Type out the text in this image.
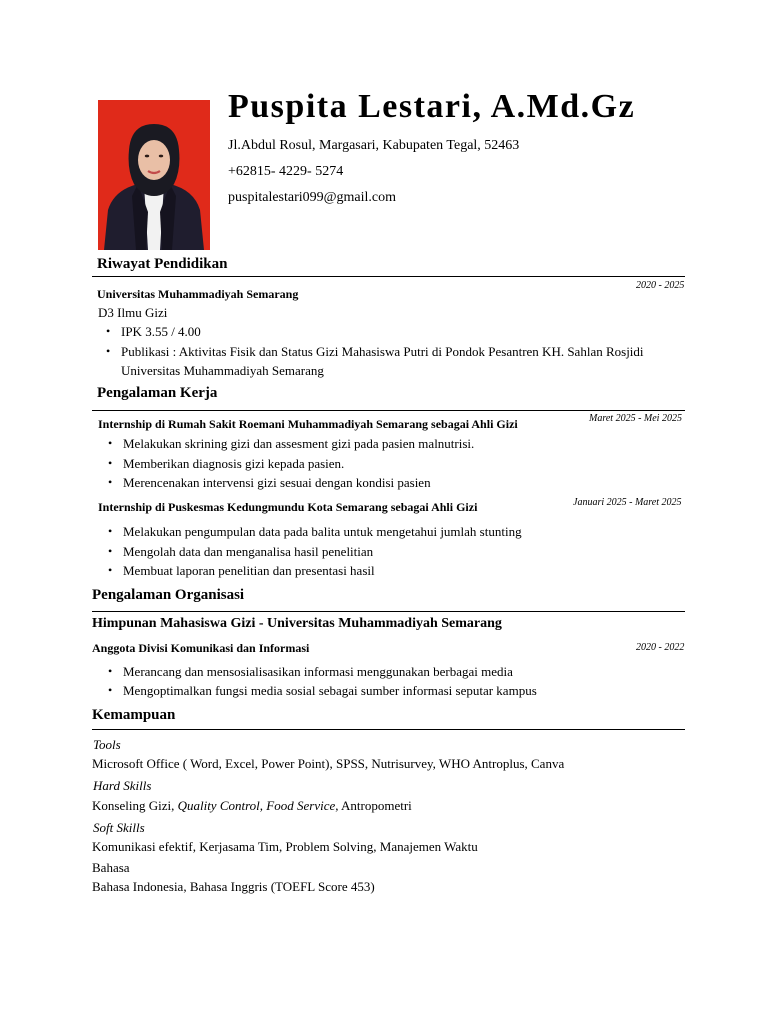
Puspita Lestari, A.Md.Gz
Jl.Abdul Rosul, Margasari, Kabupaten Tegal, 52463
+62815- 4229- 5274
puspitalestari099@gmail.com
Riwayat Pendidikan
Universitas Muhammadiyah Semarang
2020 - 2025
D3 Ilmu Gizi
• IPK 3.55 / 4.00
• Publikasi : Aktivitas Fisik dan Status Gizi Mahasiswa Putri di Pondok Pesantren KH. Sahlan Rosjidi
Universitas Muhammadiyah Semarang
Pengalaman Kerja
Internship di Rumah Sakit Roemani Muhammadiyah Semarang sebagai Ahli Gizi	Maret 2025 - Mei 2025
• Melakukan skrining gizi dan assesment gizi pada pasien malnutrisi.
• Memberikan diagnosis gizi kepada pasien.
• Merencenakan intervensi gizi sesuai dengan kondisi pasien
Internship di Puskesmas Kedungmundu Kota Semarang sebagai Ahli Gizi	Januari 2025 - Maret 2025
• Melakukan pengumpulan data pada balita untuk mengetahui jumlah stunting
• Mengolah data dan menganalisa hasil penelitian
• Membuat laporan penelitian dan presentasi hasil
Pengalaman Organisasi
Himpunan Mahasiswa Gizi - Universitas Muhammadiyah Semarang
Anggota Divisi Komunikasi dan Informasi	2020 - 2022
• Merancang dan mensosialisasikan informasi menggunakan berbagai media
• Mengoptimalkan fungsi media sosial sebagai sumber informasi seputar kampus
Kemampuan
Tools
Microsoft Office ( Word, Excel, Power Point), SPSS, Nutrisurvey, WHO Antroplus, Canva
Hard Skills
Konseling Gizi, Quality Control, Food Service, Antropometri
Soft Skills
Komunikasi efektif, Kerjasama Tim, Problem Solving, Manajemen Waktu
Bahasa
Bahasa Indonesia, Bahasa Inggris (TOEFL Score 453)
